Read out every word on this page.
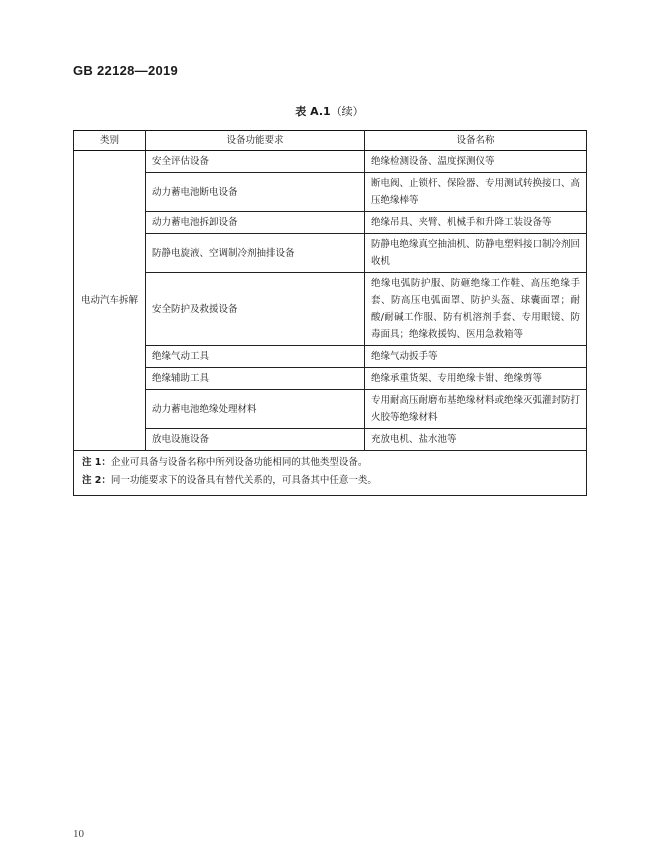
GB 22128—2019
表 A.1（续）
类别	设备功能要求	设备名称
电动汽车拆解	安全评估设备	绝缘检测设备、温度探测仪等
	动力蓄电池断电设备	断电阀、止锁杆、保险器、专用测试转换接口、高压绝缘棒等
	动力蓄电池拆卸设备	绝缘吊具、夹臂、机械手和升降工装设备等
	防静电旋液、空调制冷剂抽排设备	防静电绝缘真空抽油机、防静电塑料接口制冷剂回收机
	安全防护及救援设备	绝缘电弧防护服、防砸绝缘工作鞋、高压绝缘手套、防高压电弧面罩、防护头盔、球囊面罩；耐酸/耐碱工作服、防有机溶剂手套、专用眼镜、防毒面具；绝缘救援钩、医用急救箱等
	绝缘气动工具	绝缘气动扳手等
	绝缘辅助工具	绝缘承重货架、专用绝缘卡钳、绝缘剪等
	动力蓄电池绝缘处理材料	专用耐高压耐磨布基绝缘材料或绝缘灭弧灌封防打火胶等绝缘材料
	放电设施设备	充放电机、盐水池等

注 1：企业可具备与设备名称中所列设备功能相同的其他类型设备。
注 2：同一功能要求下的设备具有替代关系的，可具备其中任意一类。		
10
